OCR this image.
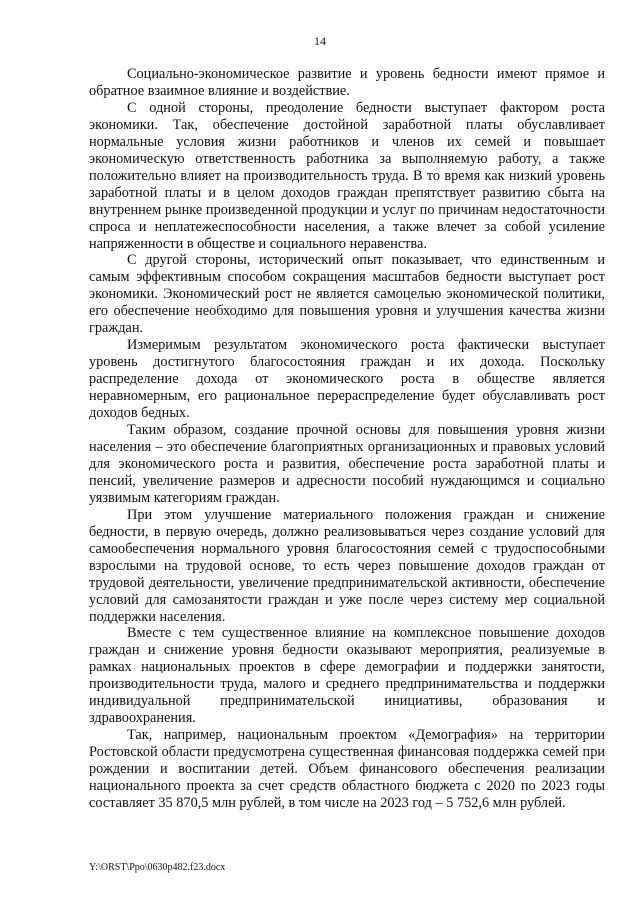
14

Социально-экономическое развитие и уровень бедности имеют прямое и обратное взаимное влияние и воздействие.

С одной стороны, преодоление бедности выступает фактором роста экономики. Так, обеспечение достойной заработной платы обуславливает нормальные условия жизни работников и членов их семей и повышает экономическую ответственность работника за выполняемую работу, а также положительно влияет на производительность труда. В то время как низкий уровень заработной платы и в целом доходов граждан препятствует развитию сбыта на внутреннем рынке произведенной продукции и услуг по причинам недостаточности спроса и неплатежеспособности населения, а также влечет за собой усиление напряженности в обществе и социального неравенства.

С другой стороны, исторический опыт показывает, что единственным и самым эффективным способом сокращения масштабов бедности выступает рост экономики. Экономический рост не является самоцелью экономической политики, его обеспечение необходимо для повышения уровня и улучшения качества жизни граждан.

Измеримым результатом экономического роста фактически выступает уровень достигнутого благосостояния граждан и их дохода. Поскольку распределение дохода от экономического роста в обществе является неравномерным, его рациональное перераспределение будет обуславливать рост доходов бедных.

Таким образом, создание прочной основы для повышения уровня жизни населения – это обеспечение благоприятных организационных и правовых условий для экономического роста и развития, обеспечение роста заработной платы и пенсий, увеличение размеров и адресности пособий нуждающимся и социально уязвимым категориям граждан.

При этом улучшение материального положения граждан и снижение бедности, в первую очередь, должно реализовываться через создание условий для самообеспечения нормального уровня благосостояния семей с трудоспособными взрослыми на трудовой основе, то есть через повышение доходов граждан от трудовой деятельности, увеличение предпринимательской активности, обеспечение условий для самозанятости граждан и уже после через систему мер социальной поддержки населения.

Вместе с тем существенное влияние на комплексное повышение доходов граждан и снижение уровня бедности оказывают мероприятия, реализуемые в рамках национальных проектов в сфере демографии и поддержки занятости, производительности труда, малого и среднего предпринимательства и поддержки индивидуальной предпринимательской инициативы, образования и здравоохранения.

Так, например, национальным проектом «Демография» на территории Ростовской области предусмотрена существенная финансовая поддержка семей при рождении и воспитании детей. Объем финансового обеспечения реализации национального проекта за счет средств областного бюджета с 2020 по 2023 годы составляет 35 870,5 млн рублей, в том числе на 2023 год – 5 752,6 млн рублей.

Y:\ORST\Ppo\0630p482.f23.docx
